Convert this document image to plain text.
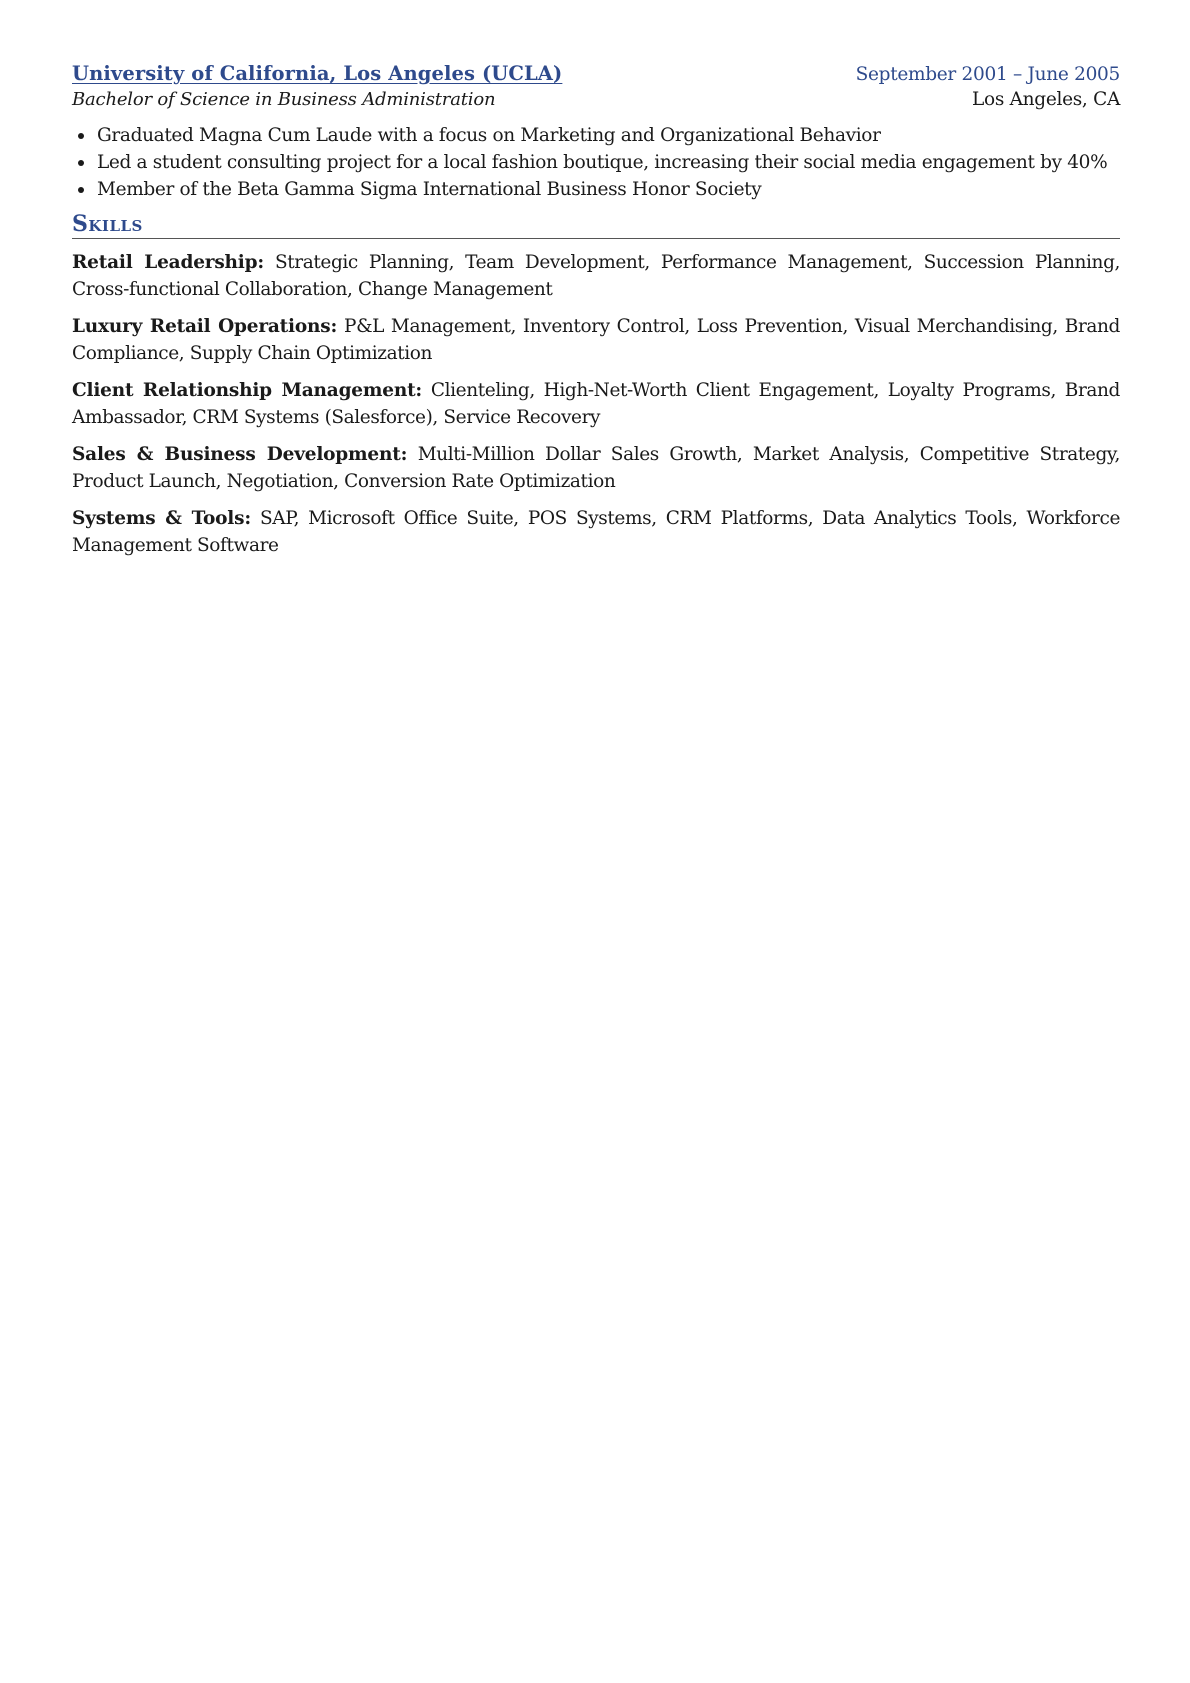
University of California, Los Angeles (UCLA)	September 2001 – June 2005
Bachelor of Science in Business Administration	Los Angeles, CA
Graduated Magna Cum Laude with a focus on Marketing and Organizational Behavior
Led a student consulting project for a local fashion boutique, increasing their social media engagement by 40%
Member of the Beta Gamma Sigma International Business Honor Society
Skills
Retail Leadership: Strategic Planning, Team Development, Performance Management, Succession Planning, Cross-functional Collaboration, Change Management
Luxury Retail Operations: P&L Management, Inventory Control, Loss Prevention, Visual Merchandising, Brand Compliance, Supply Chain Optimization
Client Relationship Management: Clienteling, High-Net-Worth Client Engagement, Loyalty Programs, Brand Ambassador, CRM Systems (Salesforce), Service Recovery
Sales & Business Development: Multi-Million Dollar Sales Growth, Market Analysis, Competitive Strategy, Product Launch, Negotiation, Conversion Rate Optimization
Systems & Tools: SAP, Microsoft Office Suite, POS Systems, CRM Platforms, Data Analytics Tools, Workforce Management Software
